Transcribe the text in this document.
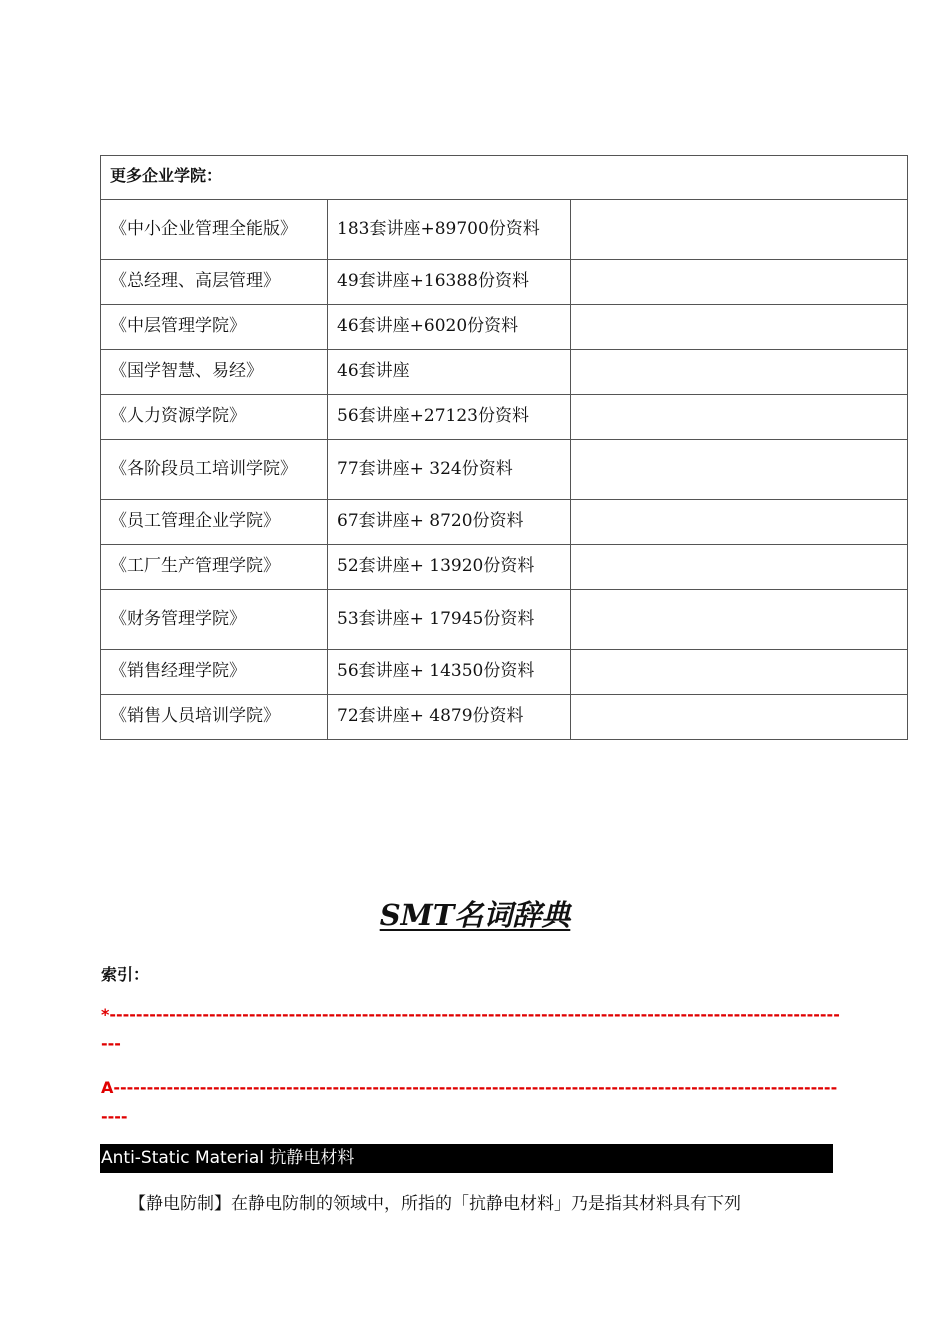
更多企业学院：		
《中小企业管理全能版》	183套讲座+89700份资料	
《总经理、高层管理》	49套讲座+16388份资料	
《中层管理学院》	46套讲座+6020份资料	
《国学智慧、易经》	46套讲座	
《人力资源学院》	56套讲座+27123份资料	
《各阶段员工培训学院》	77套讲座+ 324份资料	
《员工管理企业学院》	67套讲座+ 8720份资料	
《工厂生产管理学院》	52套讲座+ 13920份资料	
《财务管理学院》	53套讲座+ 17945份资料	
《销售经理学院》	56套讲座+ 14350份资料	
《销售人员培训学院》	72套讲座+ 4879份资料	
SMT名词辞典
索引：
*-----------------------------------------------------------------------------------------------------------------
A-----------------------------------------------------------------------------------------------------------------
Anti-Static Material 抗静电材料
【静电防制】在静电防制的领域中，所指的「抗静电材料」乃是指其材料具有下列
